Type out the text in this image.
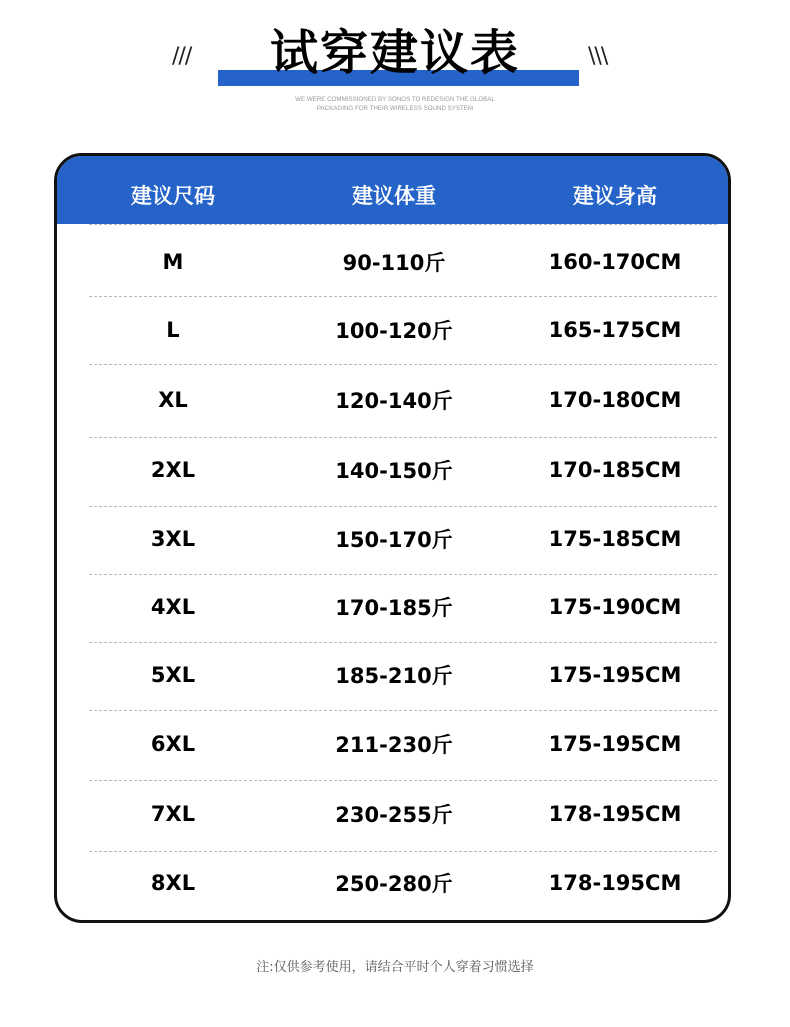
///	试穿建议表	\\\
WE WERE COMMISSIONED BY SONOS TO REDESIGN THE GLOBAL
PACKAGING FOR THEIR WIRELESS SOUND SYSTEM
建议尺码	建议体重	建议身高
M	90-110斤	160-170CM
L	100-120斤	165-175CM
XL	120-140斤	170-180CM
2XL	140-150斤	170-185CM
3XL	150-170斤	175-185CM
4XL	170-185斤	175-190CM
5XL	185-210斤	175-195CM
6XL	211-230斤	175-195CM
7XL	230-255斤	178-195CM
8XL	250-280斤	178-195CM
注:仅供参考使用，请结合平时个人穿着习惯选择
